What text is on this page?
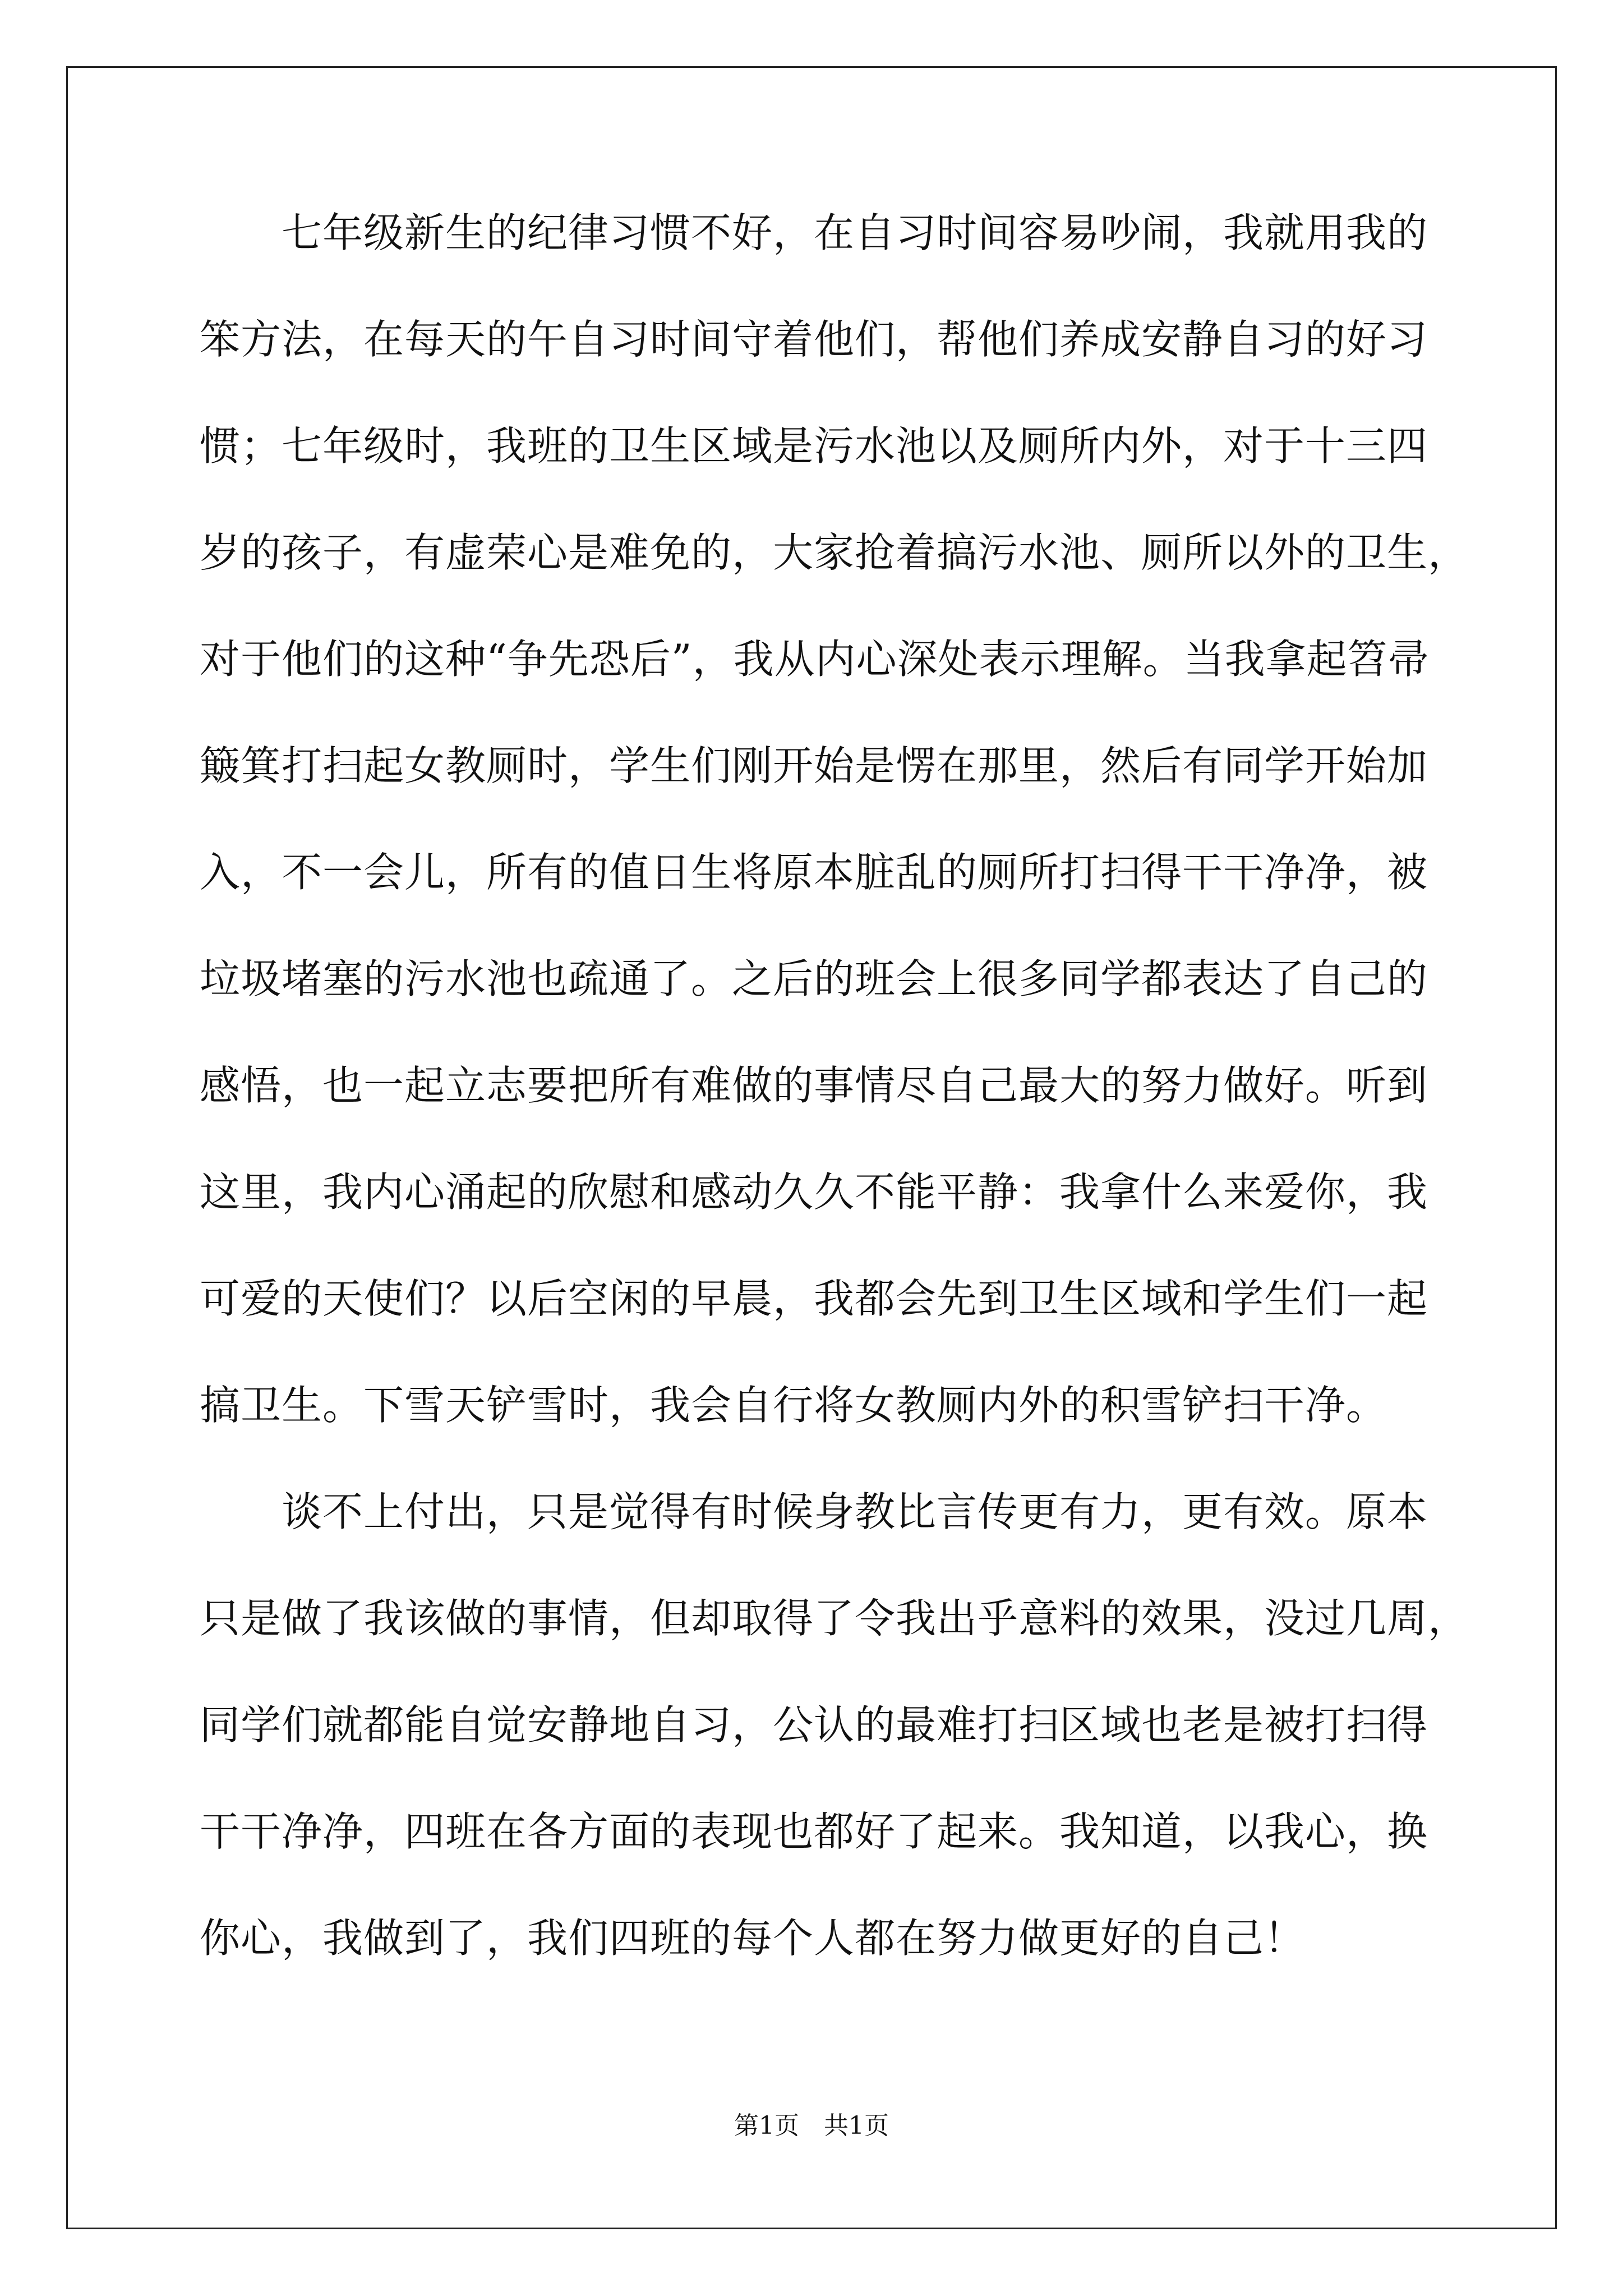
　　七年级新生的纪律习惯不好，在自习时间容易吵闹，我就用我的
笨方法，在每天的午自习时间守着他们，帮他们养成安静自习的好习
惯；七年级时，我班的卫生区域是污水池以及厕所内外，对于十三四
岁的孩子，有虚荣心是难免的，大家抢着搞污水池、厕所以外的卫生，
对于他们的这种“争先恐后”，我从内心深处表示理解。当我拿起笤帚
簸箕打扫起女教厕时，学生们刚开始是愣在那里，然后有同学开始加
入，不一会儿，所有的值日生将原本脏乱的厕所打扫得干干净净，被
垃圾堵塞的污水池也疏通了。之后的班会上很多同学都表达了自己的
感悟，也一起立志要把所有难做的事情尽自己最大的努力做好。听到
这里，我内心涌起的欣慰和感动久久不能平静：我拿什么来爱你，我
可爱的天使们？以后空闲的早晨，我都会先到卫生区域和学生们一起
搞卫生。下雪天铲雪时，我会自行将女教厕内外的积雪铲扫干净。
　　谈不上付出，只是觉得有时候身教比言传更有力，更有效。原本
只是做了我该做的事情，但却取得了令我出乎意料的效果，没过几周，
同学们就都能自觉安静地自习，公认的最难打扫区域也老是被打扫得
干干净净，四班在各方面的表现也都好了起来。我知道，以我心，换
你心，我做到了，我们四班的每个人都在努力做更好的自己！
第1页　共1页
